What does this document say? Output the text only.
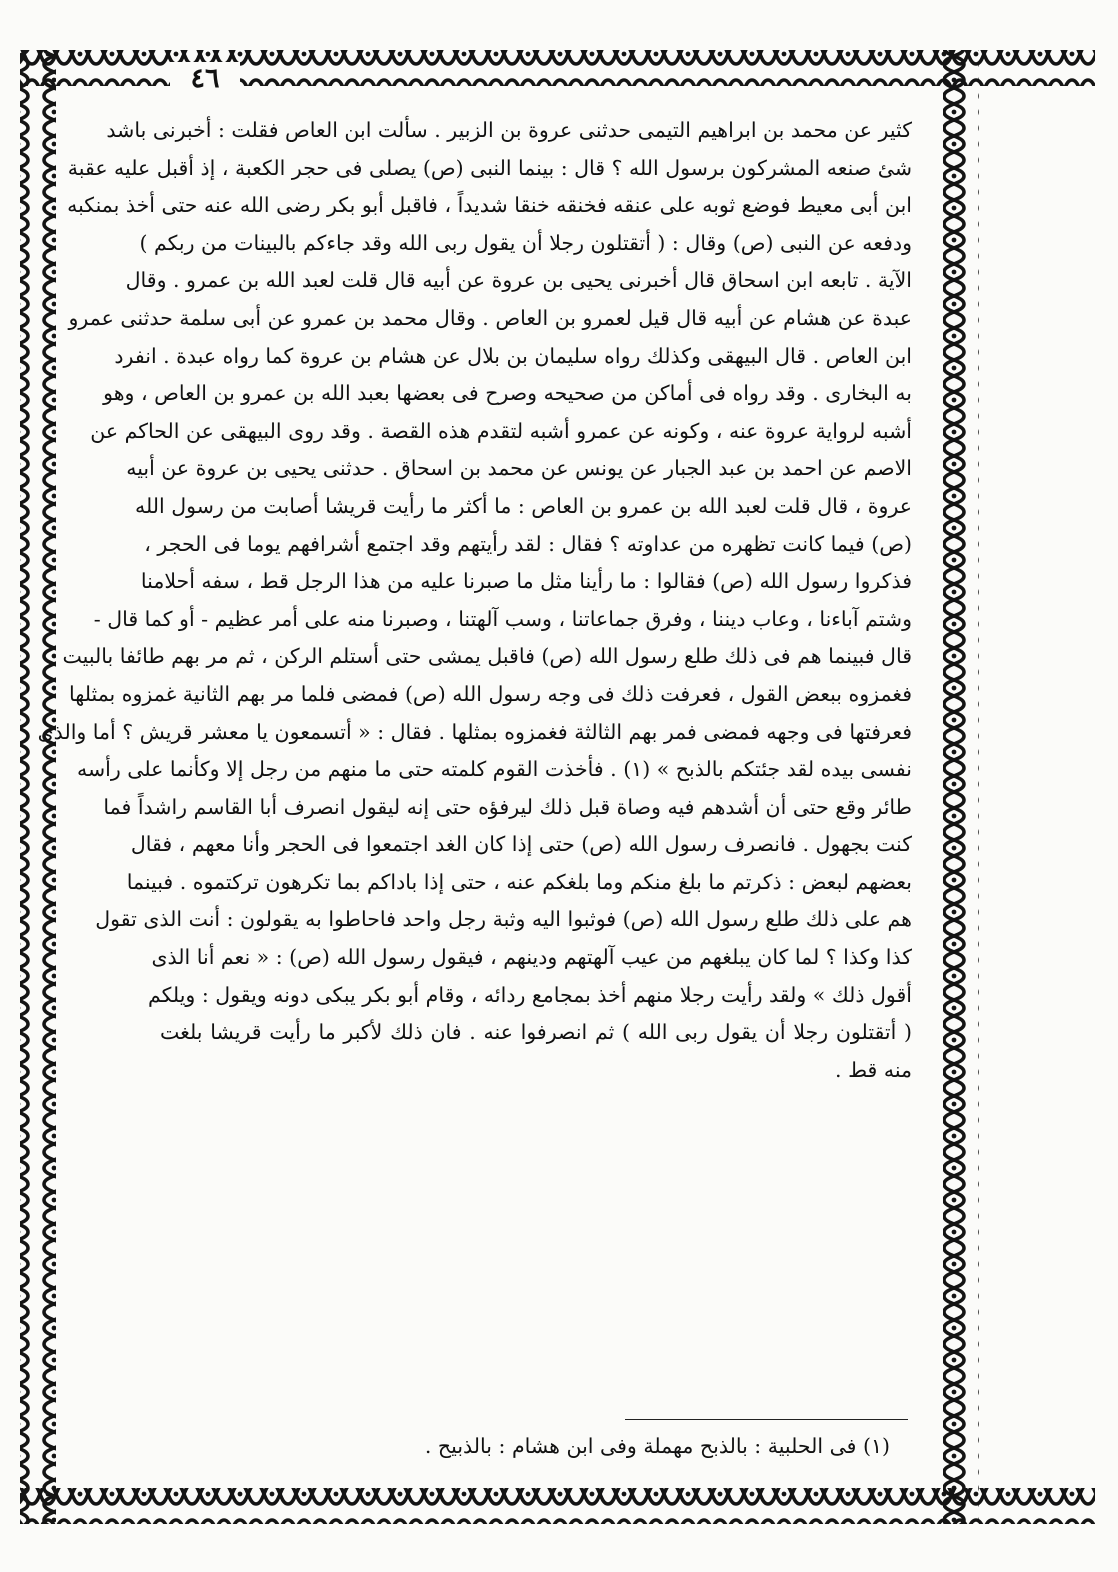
٤٦
كثير عن محمد بن ابراهيم التيمى حدثنى عروة بن الزبير . سألت ابن العاص فقلت : أخبرنى باشد
شئ صنعه المشركون برسول الله ؟ قال : بينما النبى (ص) يصلى فى حجر الكعبة ، إذ أقبل عليه عقبة
ابن أبى معيط فوضع ثوبه على عنقه فخنقه خنقا شديداً ، فاقبل أبو بكر رضى الله عنه حتى أخذ بمنكبه
ودفعه عن النبى (ص) وقال : ( أتقتلون رجلا أن يقول ربى الله وقد جاءكم بالبينات من ربكم )
الآية . تابعه ابن اسحاق قال أخبرنى يحيى بن عروة عن أبيه قال قلت لعبد الله بن عمرو . وقال
عبدة عن هشام عن أبيه قال قيل لعمرو بن العاص . وقال محمد بن عمرو عن أبى سلمة حدثنى عمرو
ابن العاص . قال البيهقى وكذلك رواه سليمان بن بلال عن هشام بن عروة كما رواه عبدة . انفرد
به البخارى . وقد رواه فى أماكن من صحيحه وصرح فى بعضها بعبد الله بن عمرو بن العاص ، وهو
أشبه لرواية عروة عنه ، وكونه عن عمرو أشبه لتقدم هذه القصة . وقد روى البيهقى عن الحاكم عن
الاصم عن احمد بن عبد الجبار عن يونس عن محمد بن اسحاق . حدثنى يحيى بن عروة عن أبيه
عروة ، قال قلت لعبد الله بن عمرو بن العاص : ما أكثر ما رأيت قريشا أصابت من رسول الله
(ص) فيما كانت تظهره من عداوته ؟ فقال : لقد رأيتهم وقد اجتمع أشرافهم يوما فى الحجر ،
فذكروا رسول الله (ص) فقالوا : ما رأينا مثل ما صبرنا عليه من هذا الرجل قط ، سفه أحلامنا
وشتم آباءنا ، وعاب ديننا ، وفرق جماعاتنا ، وسب آلهتنا ، وصبرنا منه على أمر عظيم - أو كما قال -
قال فبينما هم فى ذلك طلع رسول الله (ص) فاقبل يمشى حتى أستلم الركن ، ثم مر بهم طائفا بالبيت
فغمزوه ببعض القول ، فعرفت ذلك فى وجه رسول الله (ص) فمضى فلما مر بهم الثانية غمزوه بمثلها
فعرفتها فى وجهه فمضى فمر بهم الثالثة فغمزوه بمثلها . فقال : « أتسمعون يا معشر قريش ؟ أما والذى
نفسى بيده لقد جئتكم بالذبح » (١) . فأخذت القوم كلمته حتى ما منهم من رجل إلا وكأنما على رأسه
طائر وقع حتى أن أشدهم فيه وصاة قبل ذلك ليرفؤه حتى إنه ليقول انصرف أبا القاسم راشداً فما
كنت بجهول . فانصرف رسول الله (ص) حتى إذا كان الغد اجتمعوا فى الحجر وأنا معهم ، فقال
بعضهم لبعض : ذكرتم ما بلغ منكم وما بلغكم عنه ، حتى إذا باداكم بما تكرهون تركتموه . فبينما
هم على ذلك طلع رسول الله (ص) فوثبوا اليه وثبة رجل واحد فاحاطوا به يقولون : أنت الذى تقول
كذا وكذا ؟ لما كان يبلغهم من عيب آلهتهم ودينهم ، فيقول رسول الله (ص) : « نعم أنا الذى
أقول ذلك » ولقد رأيت رجلا منهم أخذ بمجامع ردائه ، وقام أبو بكر يبكى دونه ويقول : ويلكم
( أتقتلون رجلا أن يقول ربى الله ) ثم انصرفوا عنه . فان ذلك لأكبر ما رأيت قريشا بلغت
منه قط .
(١) فى الحلبية : بالذبح مهملة وفى ابن هشام : بالذبيح .
